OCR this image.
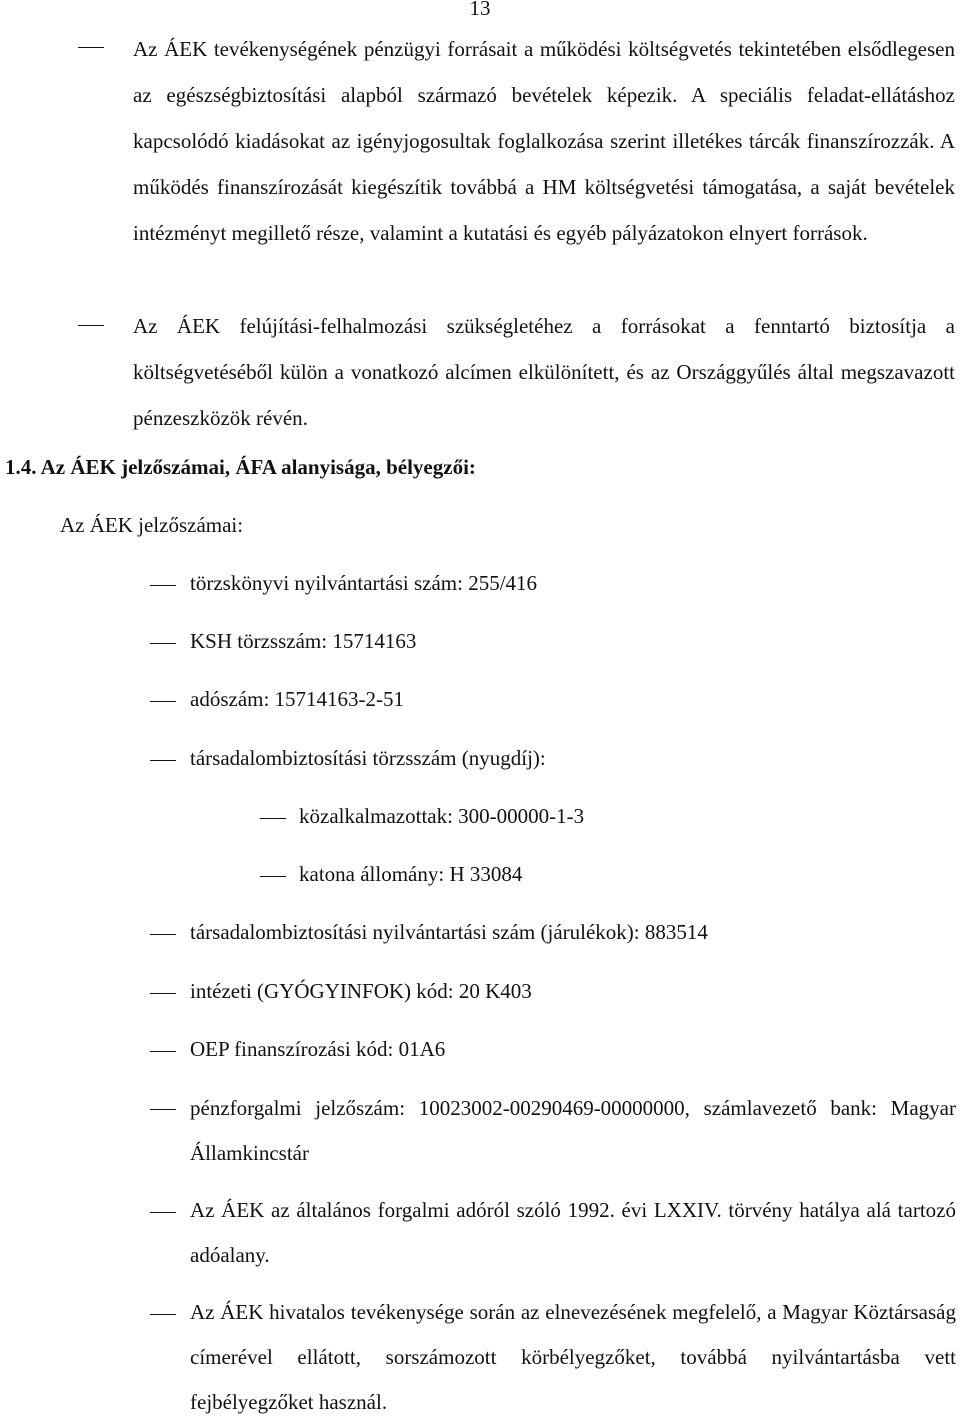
13
Az ÁEK tevékenységének pénzügyi forrásait a működési költségvetés tekintetében elsődlegesen az egészségbiztosítási alapból származó bevételek képezik. A speciális feladat-ellátáshoz kapcsolódó kiadásokat az igényjogosultak foglalkozása szerint illetékes tárcák finanszírozzák. A működés finanszírozását kiegészítik továbbá a HM költségvetési támogatása, a saját bevételek intézményt megillető része, valamint a kutatási és egyéb pályázatokon elnyert források.
Az ÁEK felújítási-felhalmozási szükségletéhez a forrásokat a fenntartó biztosítja a költségvetéséből külön a vonatkozó alcímen elkülönített, és az Országgyűlés által megszavazott pénzeszközök révén.
1.4. Az ÁEK jelzőszámai, ÁFA alanyisága, bélyegzői:
Az ÁEK jelzőszámai:
törzskönyvi nyilvántartási szám: 255/416
KSH törzsszám: 15714163
adószám: 15714163-2-51
társadalombiztosítási törzsszám (nyugdíj):
közalkalmazottak: 300-00000-1-3
katona állomány: H 33084
társadalombiztosítási nyilvántartási szám (járulékok): 883514
intézeti (GYÓGYINFOK) kód: 20 K403
OEP finanszírozási kód: 01A6
pénzforgalmi jelzőszám: 10023002-00290469-00000000, számlavezető bank: Magyar Államkincstár
Az ÁEK az általános forgalmi adóról szóló 1992. évi LXXIV. törvény hatálya alá tartozó adóalany.
Az ÁEK hivatalos tevékenysége során az elnevezésének megfelelő, a Magyar Köztársaság címerével ellátott, sorszámozott körbélyegzőket, továbbá nyilvántartásba vett fejbélyegzőket használ.
